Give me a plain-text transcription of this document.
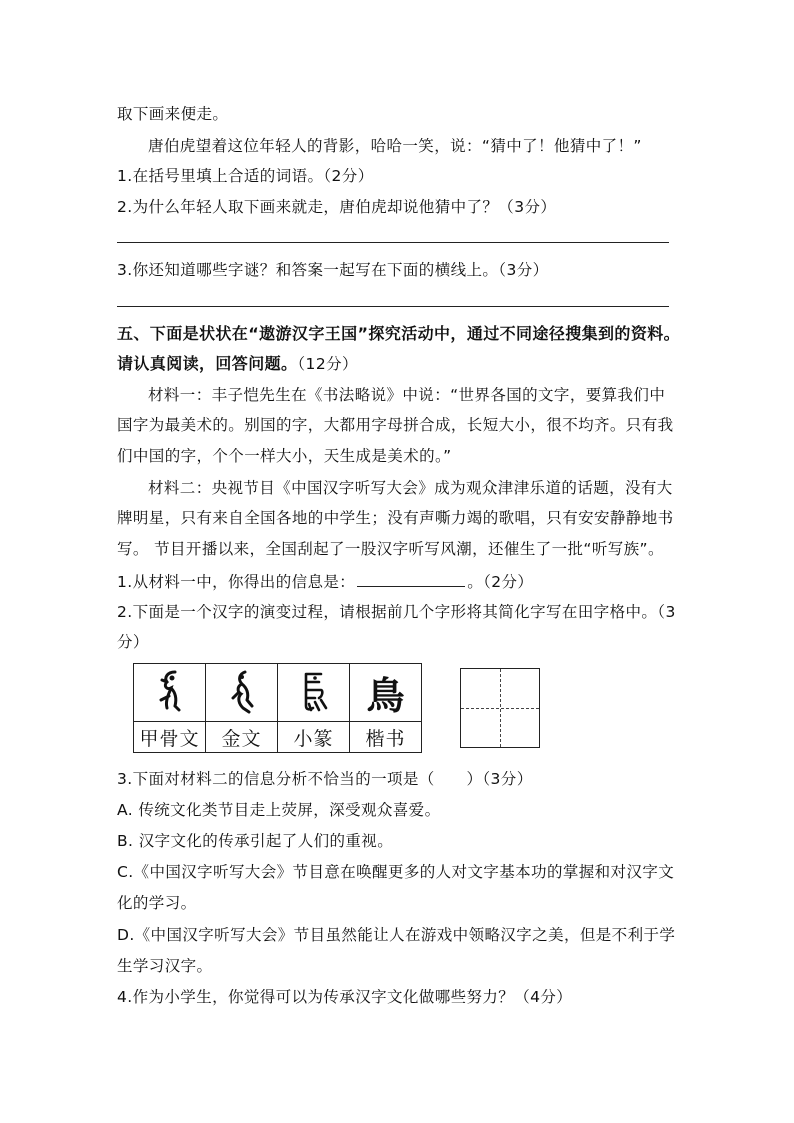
取下画来便走。
唐伯虎望着这位年轻人的背影，哈哈一笑，说：“猜中了！他猜中了！”
1.在括号里填上合适的词语。（2分）
2.为什么年轻人取下画来就走，唐伯虎却说他猜中了？（3分）
3.你还知道哪些字谜？和答案一起写在下面的横线上。（3分）
五、下面是状状在“遨游汉字王国”探究活动中，通过不同途径搜集到的资料。
请认真阅读，回答问题。（12分）
材料一：丰子恺先生在《书法略说》中说：“世界各国的文字，要算我们中
国字为最美术的。别国的字，大都用字母拼合成，长短大小，很不均齐。只有我
们中国的字，个个一样大小，天生成是美术的。”
材料二：央视节目《中国汉字听写大会》成为观众津津乐道的话题，没有大
牌明星，只有来自全国各地的中学生；没有声嘶力竭的歌唱，只有安安静静地书
写。 节目开播以来，全国刮起了一股汉字听写风潮，还催生了一批“听写族”。
1.从材料一中，你得出的信息是：	。（2分）
2.下面是一个汉字的演变过程，请根据前几个字形将其简化字写在田字格中。（3
分）
			鳥
甲骨文	金文	小篆	楷书
3.下面对材料二的信息分析不恰当的一项是（　　）（3分）
A. 传统文化类节目走上荧屏，深受观众喜爱。
B. 汉字文化的传承引起了人们的重视。
C.《中国汉字听写大会》节目意在唤醒更多的人对文字基本功的掌握和对汉字文
化的学习。
D.《中国汉字听写大会》节目虽然能让人在游戏中领略汉字之美，但是不利于学
生学习汉字。
4.作为小学生，你觉得可以为传承汉字文化做哪些努力？（4分）
